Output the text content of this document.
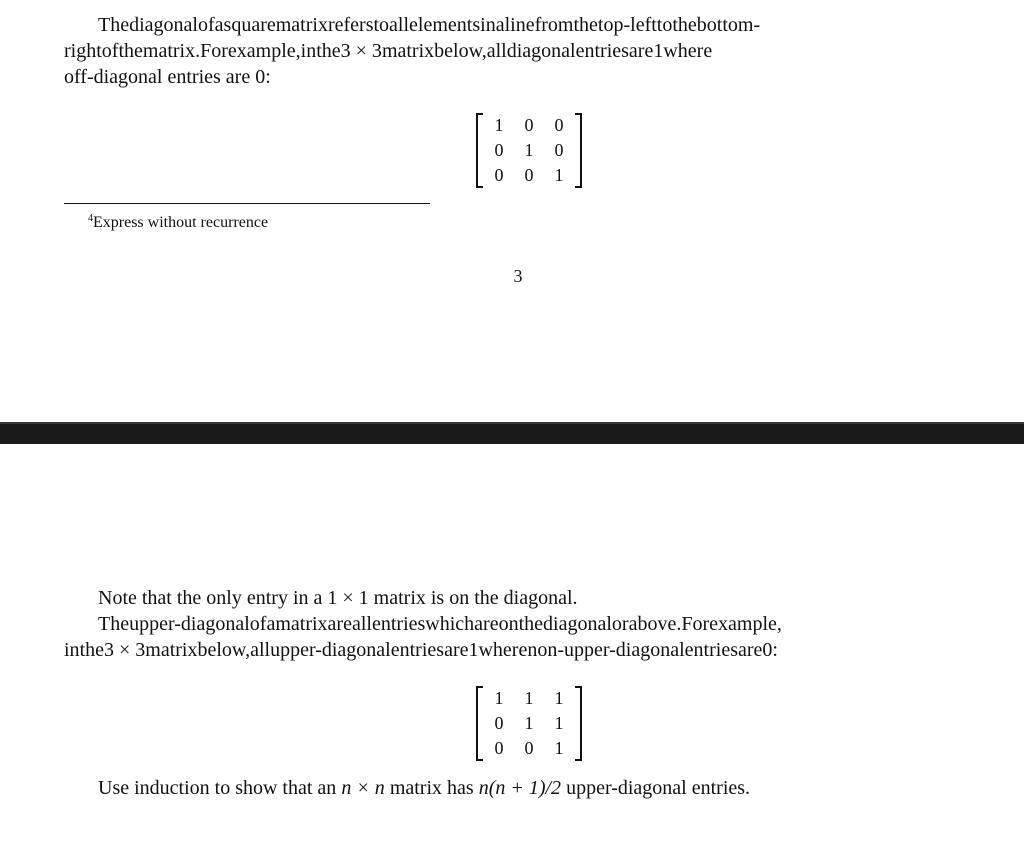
Thediagonalofasquarematrixreferstoallelementsinalinefromthetop-lefttothebottom-
rightofthematrix.Forexample,inthe3 × 3matrixbelow,alldiagonalentriesare1where
off-diagonal entries are 0:
1	0	0
0	1	0
0	0	1
$^4$Express without recurrence
3
Note that the only entry in a 1 × 1 matrix is on the diagonal.
Theupper-diagonalofamatrixareallentrieswhichareonthediagonalorabove.Forexample,
inthe3 × 3matrixbelow,allupper-diagonalentriesare1wherenon-upper-diagonalentriesare0:
1	1	1
0	1	1
0	0	1
Use induction to show that an n × n matrix has n(n + 1)/2 upper-diagonal entries.
